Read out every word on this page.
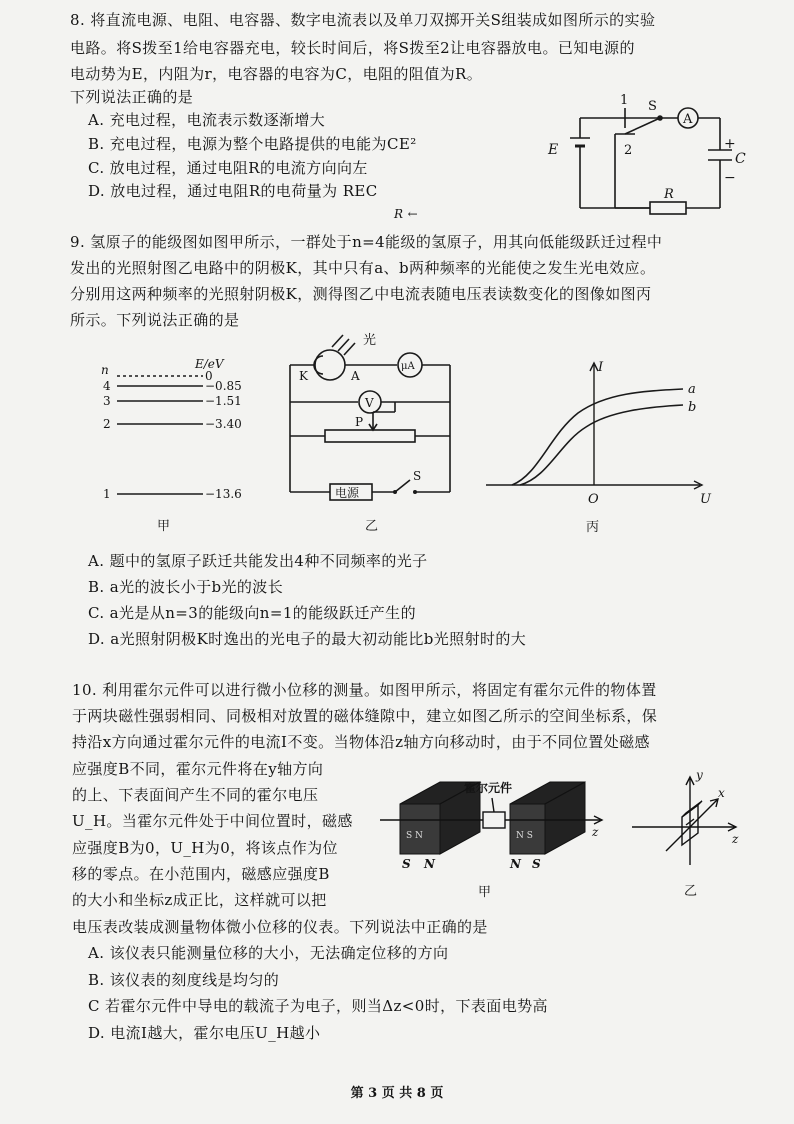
8. 将直流电源、电阻、电容器、数字电流表以及单刀双掷开关S组装成如图所示的实验
电路。将S拨至1给电容器充电，较长时间后，将S拨至2让电容器放电。已知电源的
电动势为E，内阻为r，电容器的电容为C，电阻的阻值为R。
下列说法正确的是
A. 充电过程，电流表示数逐渐增大
B. 充电过程，电源为整个电路提供的电能为CE²
C. 放电过程，通过电阻R的电流方向向左
D. 放电过程，通过电阻R的电荷量为 REC
1 S
2
A
E	+
C
−
R
R ←
9. 氢原子的能级图如图甲所示，一群处于n=4能级的氢原子，用其向低能级跃迁过程中
发出的光照射图乙电路中的阴极K，其中只有a、b两种频率的光能使之发生光电效应。
分别用这两种频率的光照射阴极K，测得图乙中电流表随电压表读数变化的图像如图丙
所示。下列说法正确的是
E/eV
n	0
4	−0.85
3	−1.51
2	−3.40
1	−13.6
甲
光
K	A
μA
V
P
电源
S
乙
I
U
O
a
b
丙
A. 题中的氢原子跃迁共能发出4种不同频率的光子
B. a光的波长小于b光的波长
C. a光是从n=3的能级向n=1的能级跃迁产生的
D. a光照射阴极K时逸出的光电子的最大初动能比b光照射时的大
10. 利用霍尔元件可以进行微小位移的测量。如图甲所示，将固定有霍尔元件的物体置
于两块磁性强弱相同、同极相对放置的磁体缝隙中，建立如图乙所示的空间坐标系，保
持沿x方向通过霍尔元件的电流I不变。当物体沿z轴方向移动时，由于不同位置处磁感
应强度B不同，霍尔元件将在y轴方向
的上、下表面间产生不同的霍尔电压
U_H。当霍尔元件处于中间位置时，磁感
应强度B为0，U_H为0，将该点作为位
移的零点。在小范围内，磁感应强度B
的大小和坐标z成正比，这样就可以把
电压表改装成测量物体微小位移的仪表。下列说法中正确的是
霍尔元件
z
S N	N S
S N	N S
甲
y
x
z
乙
A. 该仪表只能测量位移的大小，无法确定位移的方向
B. 该仪表的刻度线是均匀的
C 若霍尔元件中导电的载流子为电子，则当Δz<0时，下表面电势高
D. 电流I越大，霍尔电压U_H越小
第 3 页 共 8 页
